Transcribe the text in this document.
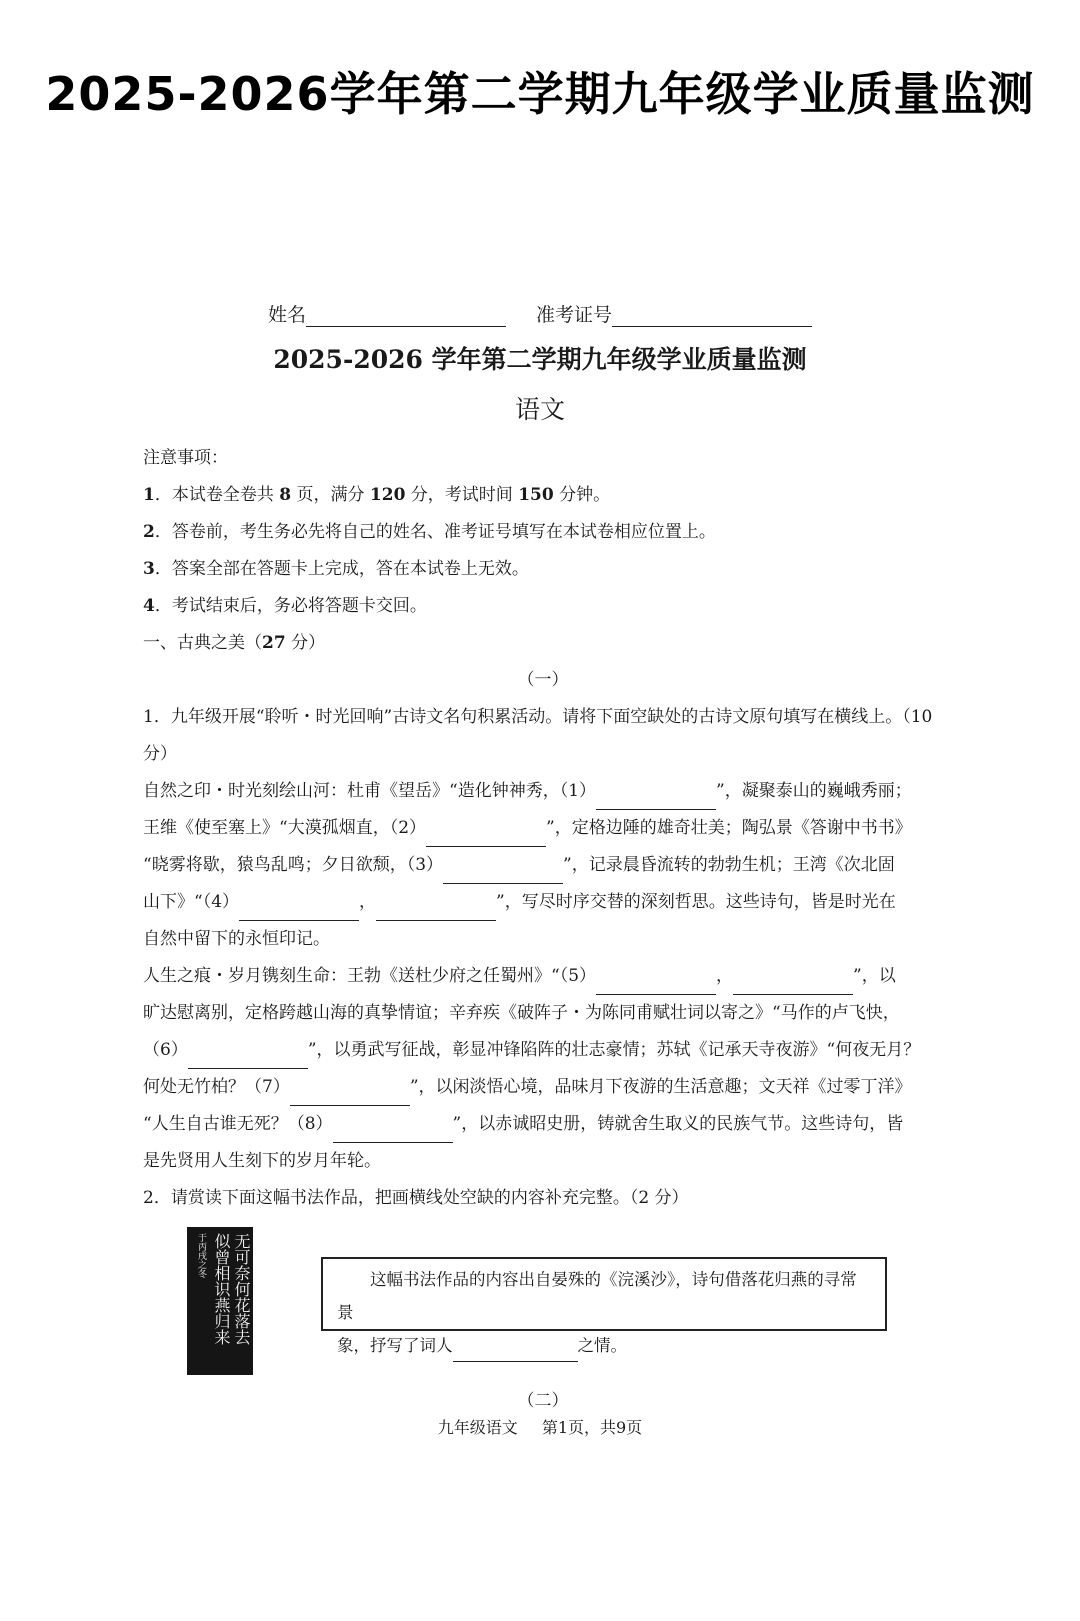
2025-2026学年第二学期九年级学业质量监测
姓名	准考证号
2025-2026 学年第二学期九年级学业质量监测
语文

注意事项：

1．本试卷全卷共 8 页，满分 120 分，考试时间 150 分钟。

2．答卷前，考生务必先将自己的姓名、准考证号填写在本试卷相应位置上。

3．答案全部在答题卡上完成，答在本试卷上无效。

4．考试结束后，务必将答题卡交回。

一、古典之美（27 分）

（一）

1．九年级开展“聆听・时光回响”古诗文名句积累活动。请将下面空缺处的古诗文原句填写在横线上。（10

分）

自然之印・时光刻绘山河：杜甫《望岳》“造化钟神秀，（1）	”，凝聚泰山的巍峨秀丽；
王维《使至塞上》“大漠孤烟直，（2）	”，定格边陲的雄奇壮美；陶弘景《答谢中书书》
“晓雾将歇，猿鸟乱鸣；夕日欲颓，（3）	”，记录晨昏流转的勃勃生机；王湾《次北固
山下》“（4）	，	”，写尽时序交替的深刻哲思。这些诗句，皆是时光在
自然中留下的永恒印记。

人生之痕・岁月镌刻生命：王勃《送杜少府之任蜀州》“（5）	，	”，以
旷达慰离别，定格跨越山海的真挚情谊；辛弃疾《破阵子・为陈同甫赋壮词以寄之》“马作的卢飞快，
（6）	”，以勇武写征战，彰显冲锋陷阵的壮志豪情；苏轼《记承天寺夜游》“何夜无月？
何处无竹柏？（7）	”，以闲淡悟心境，品味月下夜游的生活意趣；文天祥《过零丁洋》
“人生自古谁无死？（8）	”，以赤诚昭史册，铸就舍生取义的民族气节。这些诗句，皆
是先贤用人生刻下的岁月年轮。

2．请赏读下面这幅书法作品，把画横线处空缺的内容补充完整。（2 分）

无可奈何花落去
似曾相识燕归来
于丙戌之冬

这幅书法作品的内容出自晏殊的《浣溪沙》，诗句借落花归燕的寻常景

象，抒写了词人	之情。

（二）

九年级语文 第1页，共9页
